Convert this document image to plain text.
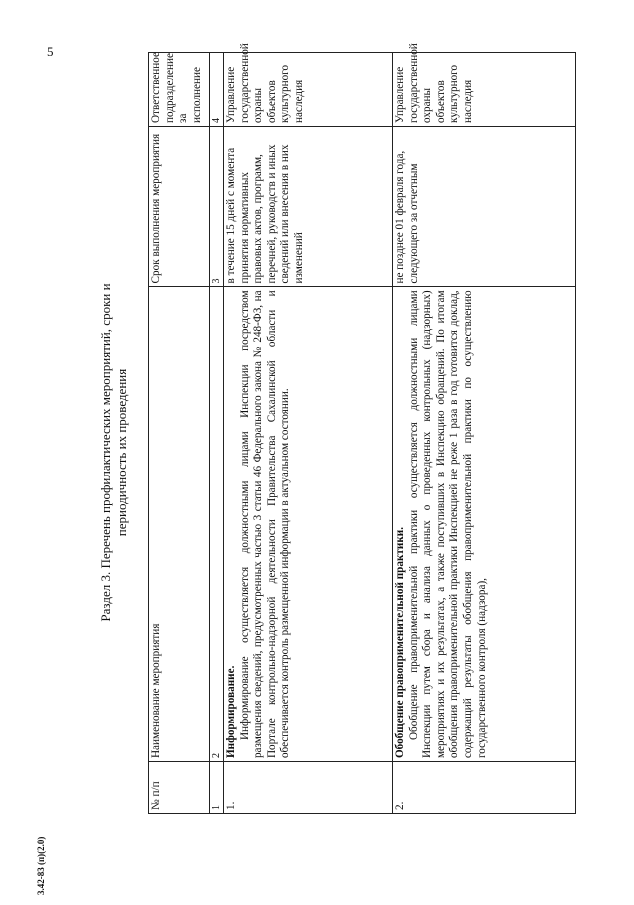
5
3.42-83 (п)(2.0)
Раздел 3. Перечень профилактических мероприятий, сроки и периодичность их проведения
№ п/п	Наименование мероприятия	Срок выполнения мероприятия	Ответственное подразделение за исполнение
1	2	3	4
1.	Информирование. Информирование осуществляется должностными лицами Инспекции посредством размещения сведений, предусмотренных частью 3 статьи 46 Федерального закона № 248-ФЗ, на Портале контрольно-надзорной деятельности Правительства Сахалинской области и обеспечивается контроль размещенной информации в актуальном состоянии.	в течение 15 дней с момента принятия нормативных правовых актов, программ, перечней, руководств и иных сведений или внесения в них изменений	Управление государственной охраны объектов культурного наследия
2.	Обобщение правоприменительной практики. Обобщение правоприменительной практики осуществляется должностными лицами Инспекции путем сбора и анализа данных о проведенных контрольных (надзорных) мероприятиях и их результатах, а также поступивших в Инспекцию обращений. По итогам обобщения правоприменительной практики Инспекцией не реже 1 раза в год готовится доклад, содержащий результаты обобщения правоприменительной практики по осуществлению государственного контроля (надзора),	не позднее 01 февраля года, следующего за отчетным	Управление государственной охраны объектов культурного наследия
